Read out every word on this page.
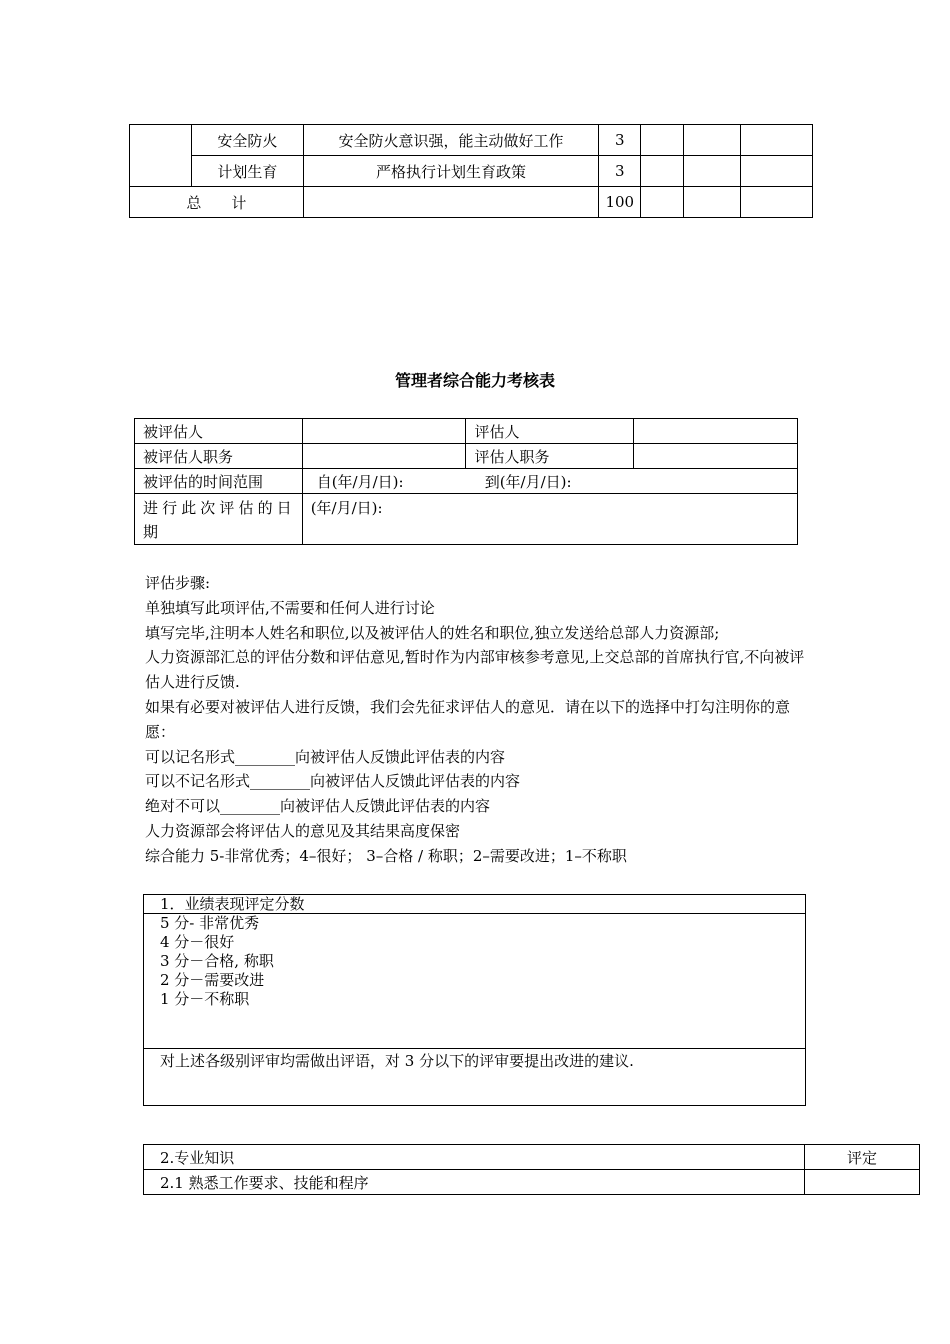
	安全防火	安全防火意识强，能主动做好工作	3			
	计划生育	严格执行计划生育政策	3			
总　　计			100			
管理者综合能力考核表
被评估人		评估人	
被评估人职务		评估人职务	
被评估的时间范围	自(年/月/日): 到(年/月/日):		
进行此次评估的日期	(年/月/日):		

评估步骤:

单独填写此项评估,不需要和任何人进行讨论

填写完毕,注明本人姓名和职位,以及被评估人的姓名和职位,独立发送给总部人力资源部;

人力资源部汇总的评估分数和评估意见,暂时作为内部审核参考意见,上交总部的首席执行官,不向被评估人进行反馈.

如果有必要对被评估人进行反馈，我们会先征求评估人的意见．请在以下的选择中打勾注明你的意愿：

可以记名形式________向被评估人反馈此评估表的内容

可以不记名形式________向被评估人反馈此评估表的内容

绝对不可以________向被评估人反馈此评估表的内容

人力资源部会将评估人的意见及其结果高度保密

综合能力 5-非常优秀；4–很好； 3–合格 / 称职；2–需要改进；1–不称职

1．业绩表现评定分数

5 分- 非常优秀
4 分－很好
3 分－合格, 称职
2 分－需要改进
1 分－不称职

对上述各级别评审均需做出评语，对 3 分以下的评审要提出改进的建议.
2.专业知识	评定
2.1 熟悉工作要求、技能和程序	
